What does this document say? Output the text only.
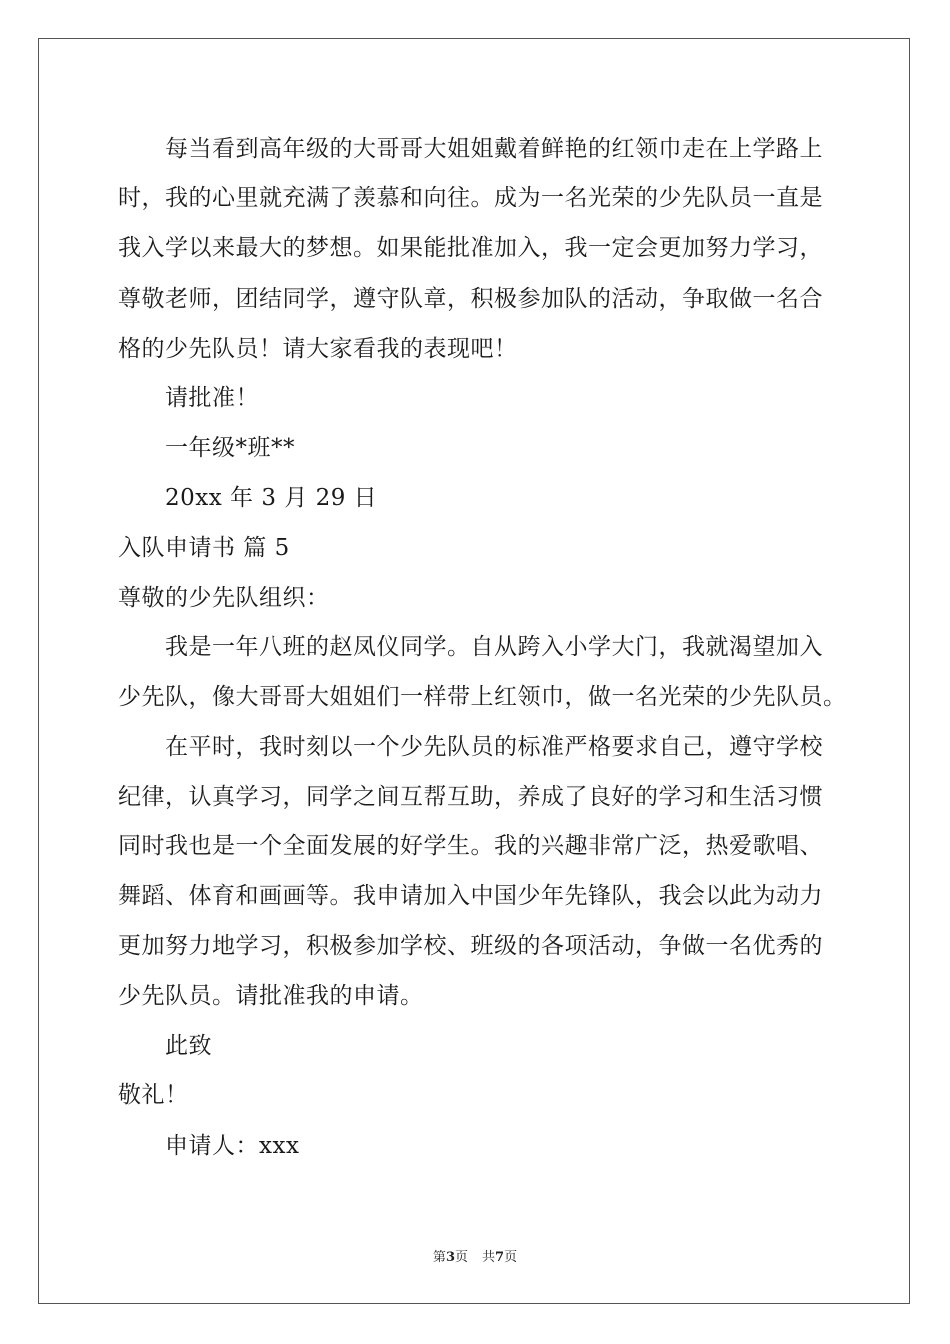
每当看到高年级的大哥哥大姐姐戴着鲜艳的红领巾走在上学路上
时，我的心里就充满了羡慕和向往。成为一名光荣的少先队员一直是
我入学以来最大的梦想。如果能批准加入，我一定会更加努力学习，
尊敬老师，团结同学，遵守队章，积极参加队的活动，争取做一名合
格的少先队员！请大家看我的表现吧！
请批准！
一年级*班**
20xx 年 3 月 29 日
入队申请书 篇 5
尊敬的少先队组织：
我是一年八班的赵凤仪同学。自从跨入小学大门，我就渴望加入
少先队，像大哥哥大姐姐们一样带上红领巾，做一名光荣的少先队员。
在平时，我时刻以一个少先队员的标准严格要求自己，遵守学校
纪律，认真学习，同学之间互帮互助，养成了良好的学习和生活习惯
同时我也是一个全面发展的好学生。我的兴趣非常广泛，热爱歌唱、
舞蹈、体育和画画等。我申请加入中国少年先锋队，我会以此为动力
更加努力地学习，积极参加学校、班级的各项活动，争做一名优秀的
少先队员。请批准我的申请。
此致
敬礼！
申请人：xxx
第3页 共7页
